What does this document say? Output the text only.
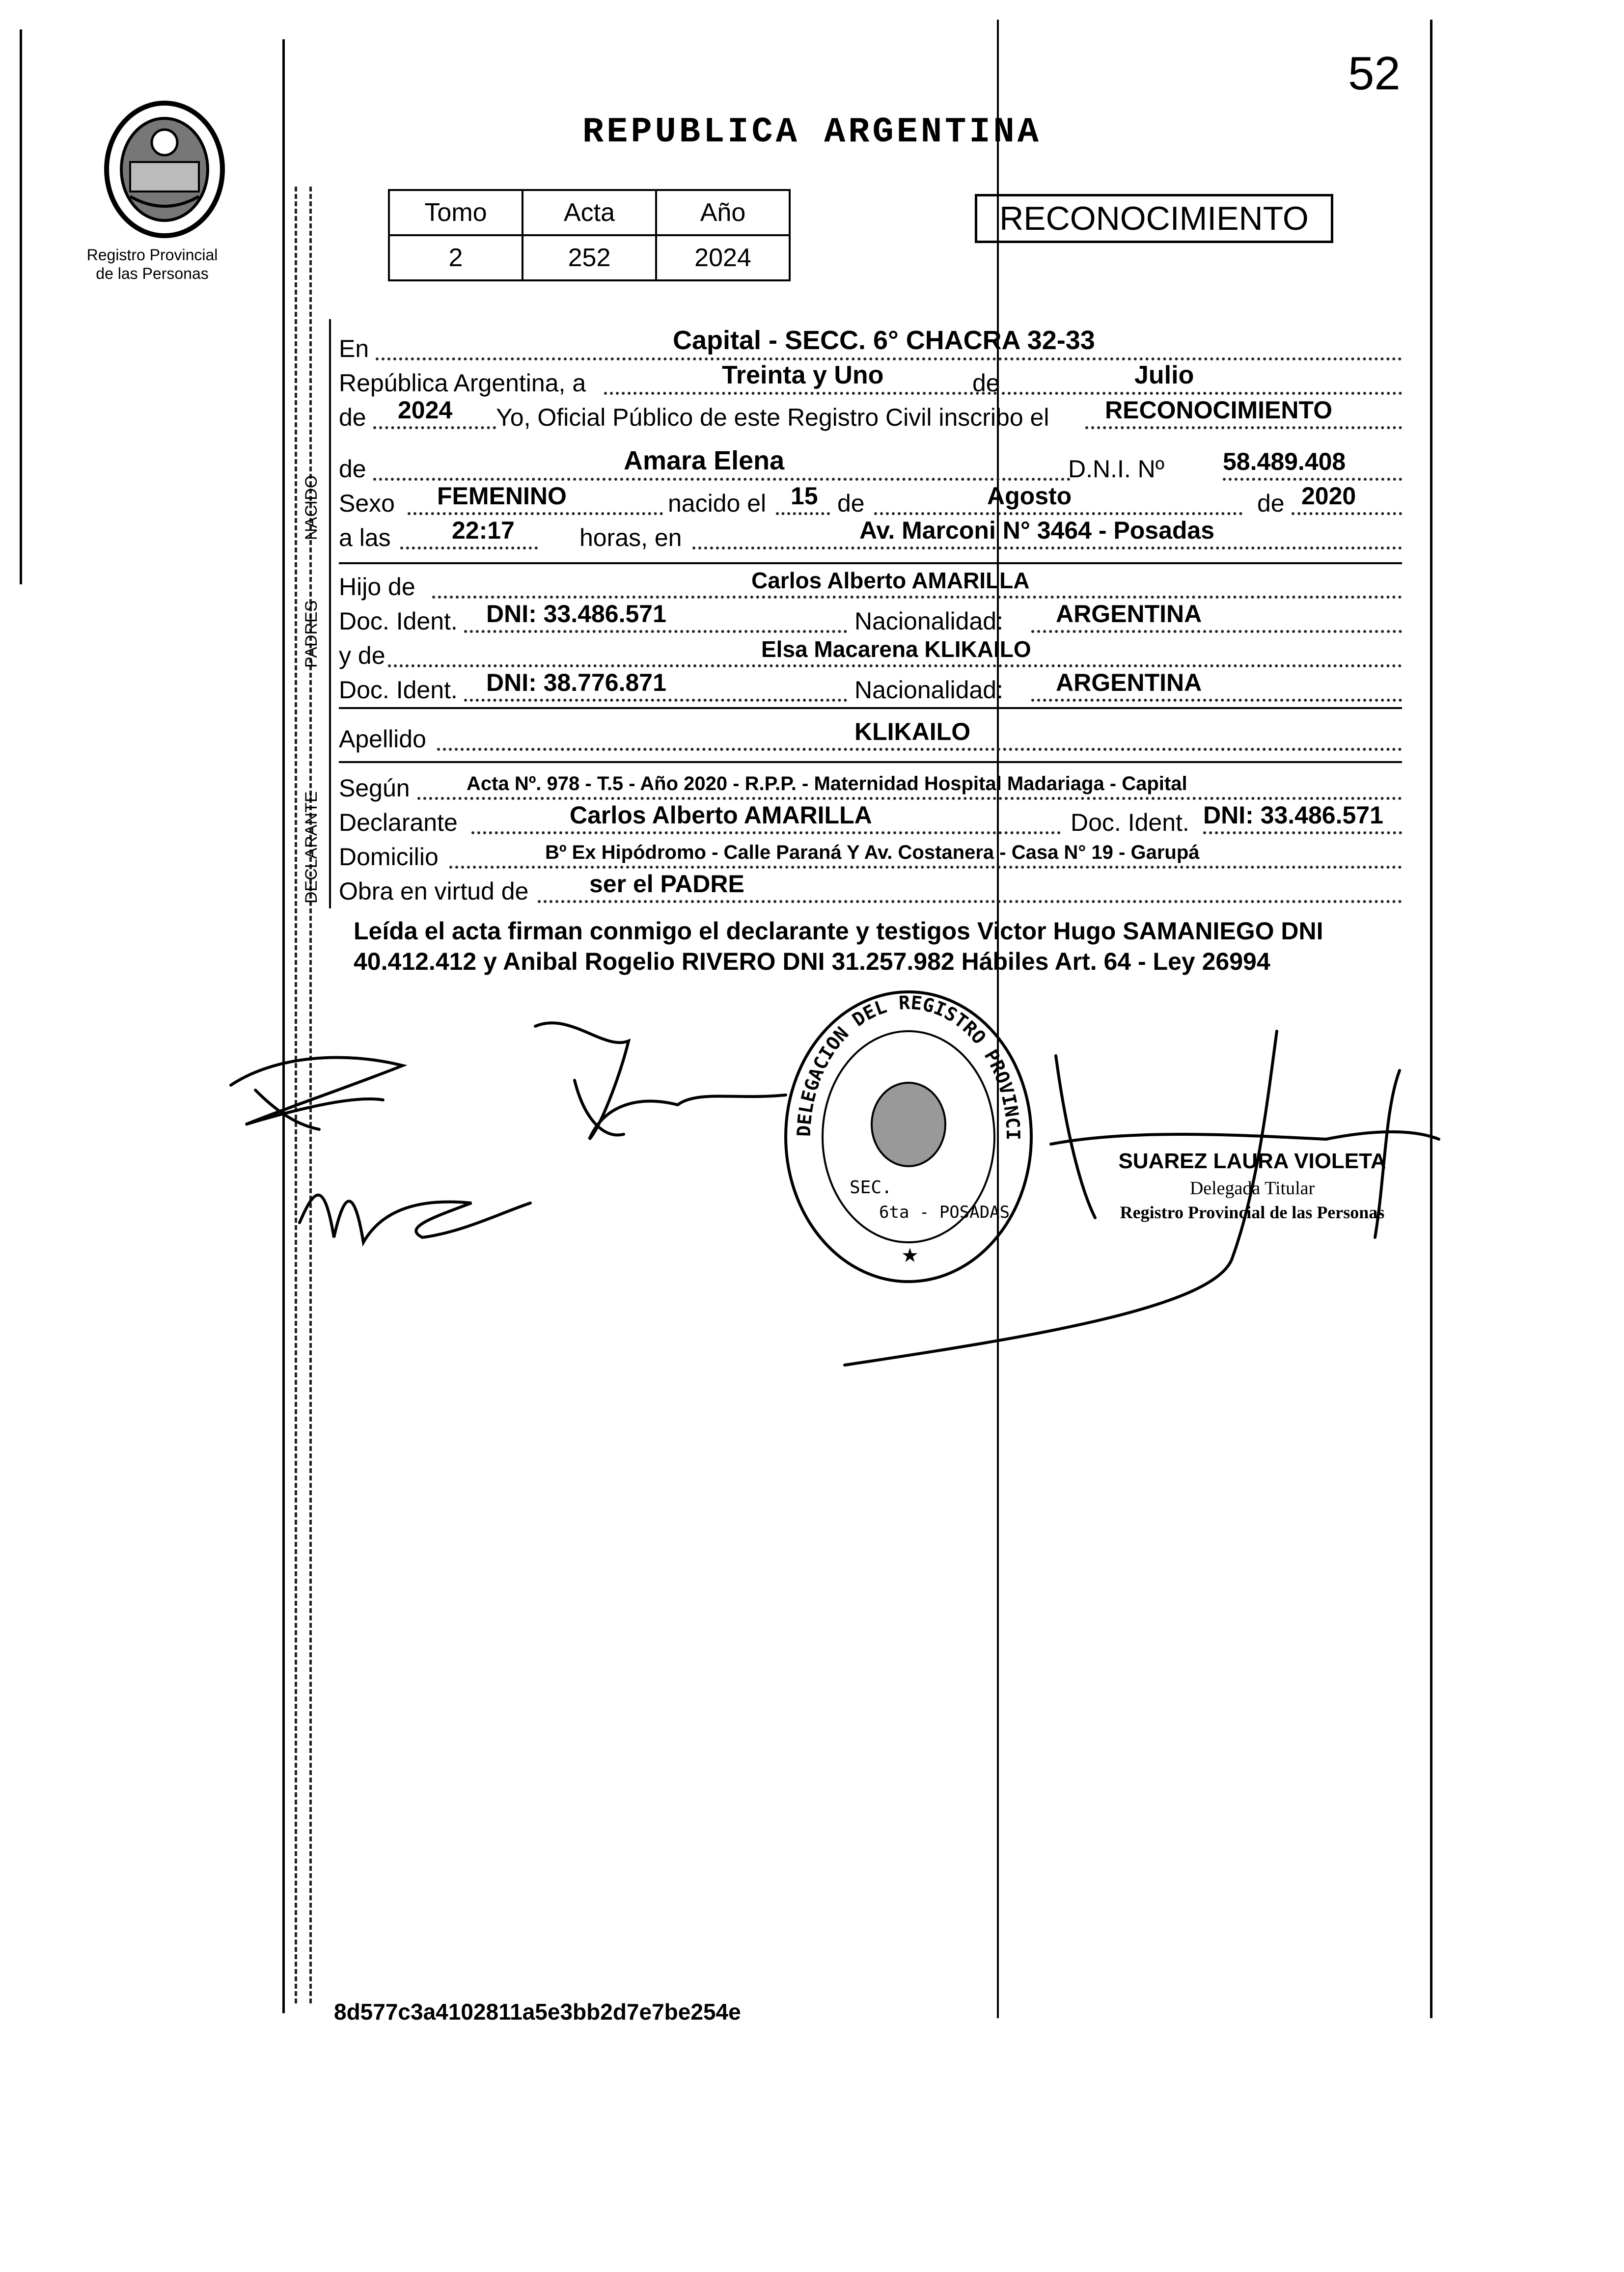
52
REPUBLICA ARGENTINA
Registro Provincial
de las Personas
Tomo	Acta	Año
2	252	2024
RECONOCIMIENTO
NACIDO
PADRES
DECLARANTE
En	Capital - SECC. 6° CHACRA 32-33
República Argentina, a	Treinta y Uno	de	Julio
de 2024 Yo, Oficial Público de este Registro Civil inscribo el RECONOCIMIENTO
de	Amara Elena	D.N.I. Nº 58.489.408
Sexo FEMENINO	nacido el 15 de	Agosto	de 2020
a las 22:17	horas, en	Av. Marconi N° 3464 - Posadas
Hijo de	Carlos Alberto AMARILLA
Doc. Ident. DNI: 33.486.571	Nacionalidad: ARGENTINA
y de	Elsa Macarena KLIKAILO
Doc. Ident. DNI: 38.776.871	Nacionalidad: ARGENTINA
Apellido	KLIKAILO
Según	Acta Nº. 978 - T.5 - Año 2020 - R.P.P. - Maternidad Hospital Madariaga - Capital
Declarante	Carlos Alberto AMARILLA	Doc. Ident. DNI: 33.486.571
Domicilio	Bº Ex Hipódromo - Calle Paraná Y Av. Costanera - Casa N° 19 - Garupá
Obra en virtud de ser el PADRE
Leída el acta firman conmigo el declarante y testigos Victor Hugo SAMANIEGO DNI 40.412.412 y Anibal Rogelio RIVERO DNI 31.257.982 Hábiles Art. 64 - Ley 26994
DELEGACION DEL REGISTRO PROVINCI
SEC.
6ta - POSADAS
★
SUAREZ LAURA VIOLETA
Delegada Titular
Registro Provincial de las Personas
8d577c3a4102811a5e3bb2d7e7be254e
